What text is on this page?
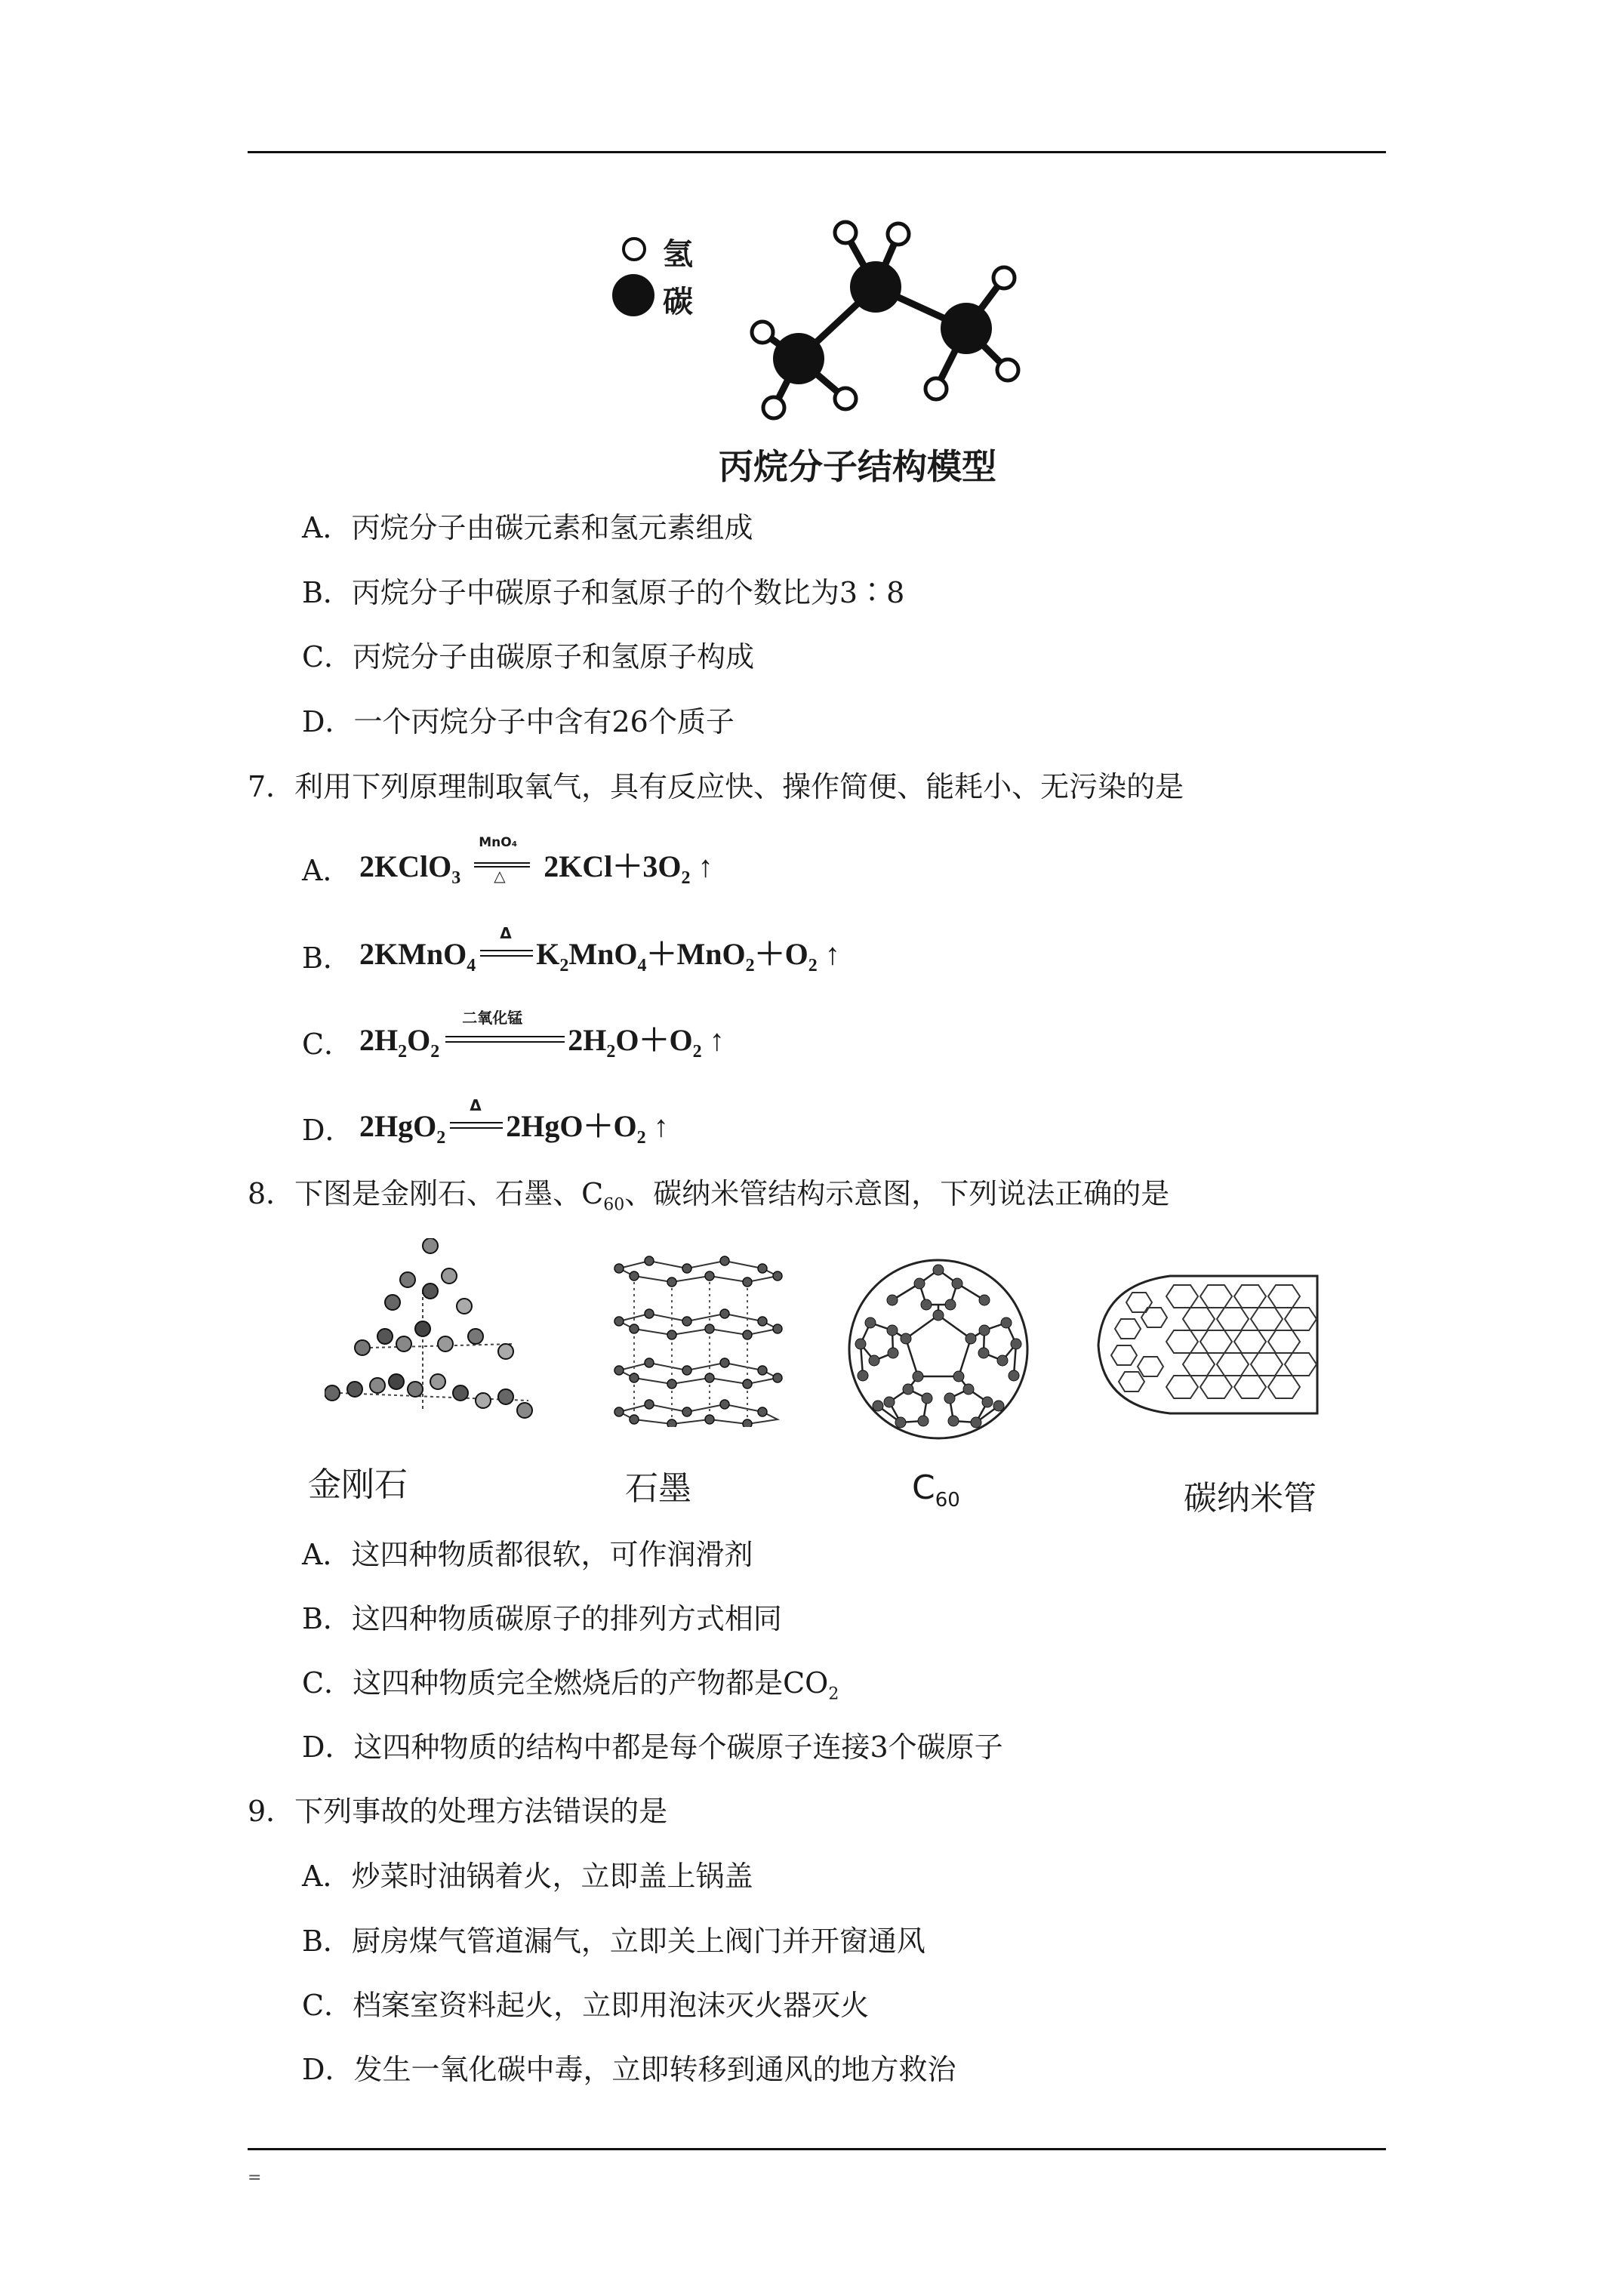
=
氢
碳
丙烷分子结构模型
A．丙烷分子由碳元素和氢元素组成
B．丙烷分子中碳原子和氢原子的个数比为3∶8
C．丙烷分子由碳原子和氢原子构成
D．一个丙烷分子中含有26个质子
7．利用下列原理制取氧气，具有反应快、操作简便、能耗小、无污染的是
A． 2KClO$_3$
MnO₄
△ $2KCl+3O_2$ ↑
B． 2KMnO$_4$
Δ
$K_2MnO_4+MnO_2+O_2$ ↑
C． $2H_2O_2$
二氧化锰
$2H_2O+O_2$ ↑
D． 2HgO$_2$
Δ
$2HgO+O_2$ ↑
8．下图是金刚石、石墨、$C_{60}$、碳纳米管结构示意图，下列说法正确的是
金刚石	石墨	$C_{60}$	碳纳米管
A．这四种物质都很软，可作润滑剂
B．这四种物质碳原子的排列方式相同
C．这四种物质完全燃烧后的产物都是$CO_2$
D．这四种物质的结构中都是每个碳原子连接3个碳原子
9．下列事故的处理方法错误的是
A．炒菜时油锅着火，立即盖上锅盖
B．厨房煤气管道漏气，立即关上阀门并开窗通风
C．档案室资料起火，立即用泡沫灭火器灭火
D．发生一氧化碳中毒，立即转移到通风的地方救治
